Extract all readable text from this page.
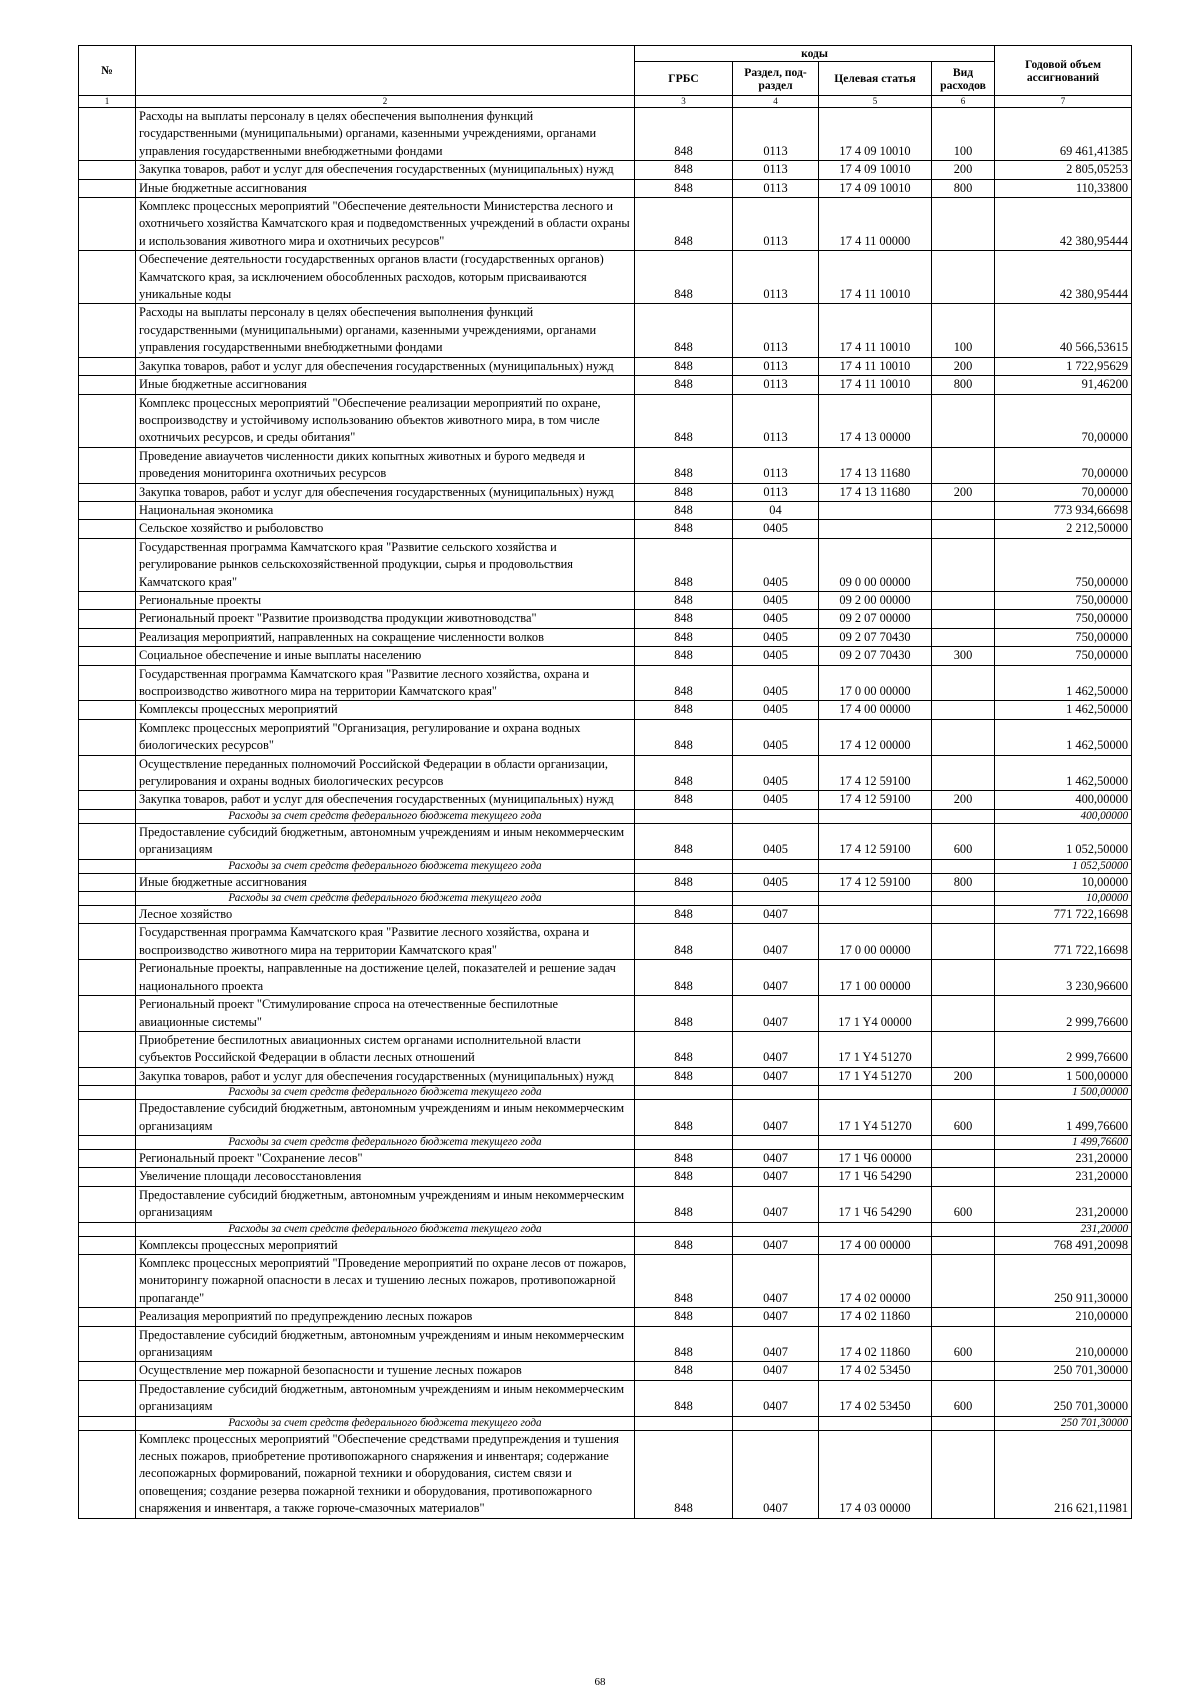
№		коды				Годовой объем ассигнований
		ГРБС	Раздел, под-раздел	Целевая статья	Вид расходов	
1	2	3	4	5	6	7
	Расходы на выплаты персоналу в целях обеспечения выполнения функций государственными (муниципальными) органами, казенными учреждениями, органами управления государственными внебюджетными фондами	848	0113	17 4 09 10010	100	69 461,41385
	Закупка товаров, работ и услуг для обеспечения государственных (муниципальных) нужд	848	0113	17 4 09 10010	200	2 805,05253
	Иные бюджетные ассигнования	848	0113	17 4 09 10010	800	110,33800
	Комплекс процессных мероприятий "Обеспечение деятельности Министерства лесного и охотничьего хозяйства Камчатского края и подведомственных учреждений в области охраны и использования животного мира и охотничьих ресурсов"	848	0113	17 4 11 00000		42 380,95444
	Обеспечение деятельности государственных органов власти (государственных органов) Камчатского края, за исключением обособленных расходов, которым присваиваются уникальные коды	848	0113	17 4 11 10010		42 380,95444
	Расходы на выплаты персоналу в целях обеспечения выполнения функций государственными (муниципальными) органами, казенными учреждениями, органами управления государственными внебюджетными фондами	848	0113	17 4 11 10010	100	40 566,53615
	Закупка товаров, работ и услуг для обеспечения государственных (муниципальных) нужд	848	0113	17 4 11 10010	200	1 722,95629
	Иные бюджетные ассигнования	848	0113	17 4 11 10010	800	91,46200
	Комплекс процессных мероприятий "Обеспечение реализации мероприятий по охране, воспроизводству и устойчивому использованию объектов животного мира, в том числе охотничьих ресурсов, и среды обитания"	848	0113	17 4 13 00000		70,00000
	Проведение авиаучетов численности диких копытных животных и бурого медведя и проведения мониторинга охотничьих ресурсов	848	0113	17 4 13 11680		70,00000
	Закупка товаров, работ и услуг для обеспечения государственных (муниципальных) нужд	848	0113	17 4 13 11680	200	70,00000
	Национальная экономика	848	04			773 934,66698
	Сельское хозяйство и рыболовство	848	0405			2 212,50000
	Государственная программа Камчатского края "Развитие сельского хозяйства и регулирование рынков сельскохозяйственной продукции, сырья и продовольствия Камчатского края"	848	0405	09 0 00 00000		750,00000
	Региональные проекты	848	0405	09 2 00 00000		750,00000
	Региональный проект "Развитие производства продукции животноводства"	848	0405	09 2 07 00000		750,00000
	Реализация мероприятий, направленных на сокращение численности волков	848	0405	09 2 07 70430		750,00000
	Социальное обеспечение и иные выплаты населению	848	0405	09 2 07 70430	300	750,00000
	Государственная программа Камчатского края "Развитие лесного хозяйства, охрана и воспроизводство животного мира на территории Камчатского края"	848	0405	17 0 00 00000		1 462,50000
	Комплексы процессных мероприятий	848	0405	17 4 00 00000		1 462,50000
	Комплекс процессных мероприятий "Организация, регулирование и охрана водных биологических ресурсов"	848	0405	17 4 12 00000		1 462,50000
	Осуществление переданных полномочий Российской Федерации в области организации, регулирования и охраны водных биологических ресурсов	848	0405	17 4 12 59100		1 462,50000
	Закупка товаров, работ и услуг для обеспечения государственных (муниципальных) нужд	848	0405	17 4 12 59100	200	400,00000
	Расходы за счет средств федерального бюджета текущего года					400,00000
	Предоставление субсидий бюджетным, автономным учреждениям и иным некоммерческим организациям	848	0405	17 4 12 59100	600	1 052,50000
	Расходы за счет средств федерального бюджета текущего года					1 052,50000
	Иные бюджетные ассигнования	848	0405	17 4 12 59100	800	10,00000
	Расходы за счет средств федерального бюджета текущего года					10,00000
	Лесное хозяйство	848	0407			771 722,16698
	Государственная программа Камчатского края "Развитие лесного хозяйства, охрана и воспроизводство животного мира на территории Камчатского края"	848	0407	17 0 00 00000		771 722,16698
	Региональные проекты, направленные на достижение целей, показателей и решение задач национального проекта	848	0407	17 1 00 00000		3 230,96600
	Региональный проект "Стимулирование спроса на отечественные беспилотные авиационные системы"	848	0407	17 1 Y4 00000		2 999,76600
	Приобретение беспилотных авиационных систем органами исполнительной власти субъектов Российской Федерации в области лесных отношений	848	0407	17 1 Y4 51270		2 999,76600
	Закупка товаров, работ и услуг для обеспечения государственных (муниципальных) нужд	848	0407	17 1 Y4 51270	200	1 500,00000
	Расходы за счет средств федерального бюджета текущего года					1 500,00000
	Предоставление субсидий бюджетным, автономным учреждениям и иным некоммерческим организациям	848	0407	17 1 Y4 51270	600	1 499,76600
	Расходы за счет средств федерального бюджета текущего года					1 499,76600
	Региональный проект "Сохранение лесов"	848	0407	17 1 Ч6 00000		231,20000
	Увеличение площади лесовосстановления	848	0407	17 1 Ч6 54290		231,20000
	Предоставление субсидий бюджетным, автономным учреждениям и иным некоммерческим организациям	848	0407	17 1 Ч6 54290	600	231,20000
	Расходы за счет средств федерального бюджета текущего года					231,20000
	Комплексы процессных мероприятий	848	0407	17 4 00 00000		768 491,20098
	Комплекс процессных мероприятий "Проведение мероприятий по охране лесов от пожаров, мониторингу пожарной опасности в лесах и тушению лесных пожаров, противопожарной пропаганде"	848	0407	17 4 02 00000		250 911,30000
	Реализация мероприятий по предупреждению лесных пожаров	848	0407	17 4 02 11860		210,00000
	Предоставление субсидий бюджетным, автономным учреждениям и иным некоммерческим организациям	848	0407	17 4 02 11860	600	210,00000
	Осуществление мер пожарной безопасности и тушение лесных пожаров	848	0407	17 4 02 53450		250 701,30000
	Предоставление субсидий бюджетным, автономным учреждениям и иным некоммерческим организациям	848	0407	17 4 02 53450	600	250 701,30000
	Расходы за счет средств федерального бюджета текущего года					250 701,30000
	Комплекс процессных мероприятий "Обеспечение средствами предупреждения и тушения лесных пожаров, приобретение противопожарного снаряжения и инвентаря; содержание лесопожарных формирований, пожарной техники и оборудования, систем связи и оповещения; создание резерва пожарной техники и оборудования, противопожарного снаряжения и инвентаря, а также горюче-смазочных материалов"	848	0407	17 4 03 00000		216 621,11981
68
